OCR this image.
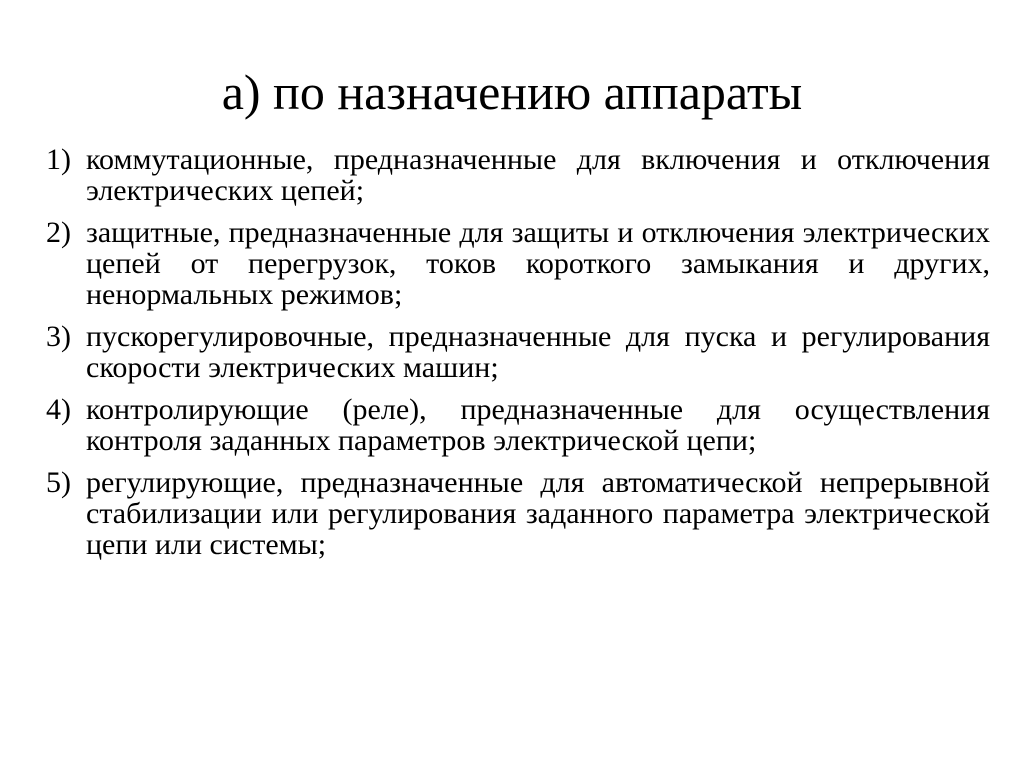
а) по назначению аппараты
1) коммутационные, предназначенные для включения и отключения электрических цепей;
2) защитные, предназначенные для защиты и отключения электрических цепей от перегрузок, токов короткого замыкания и других, ненормальных режимов;
3) пускорегулировочные, предназначенные для пуска и регулирования скорости электрических машин;
4) контролирующие (реле), предназначенные для осуществления контроля заданных параметров электрической цепи;
5) регулирующие, предназначенные для автоматической непрерывной стабилизации или регулирования заданного параметра электрической цепи или системы;
